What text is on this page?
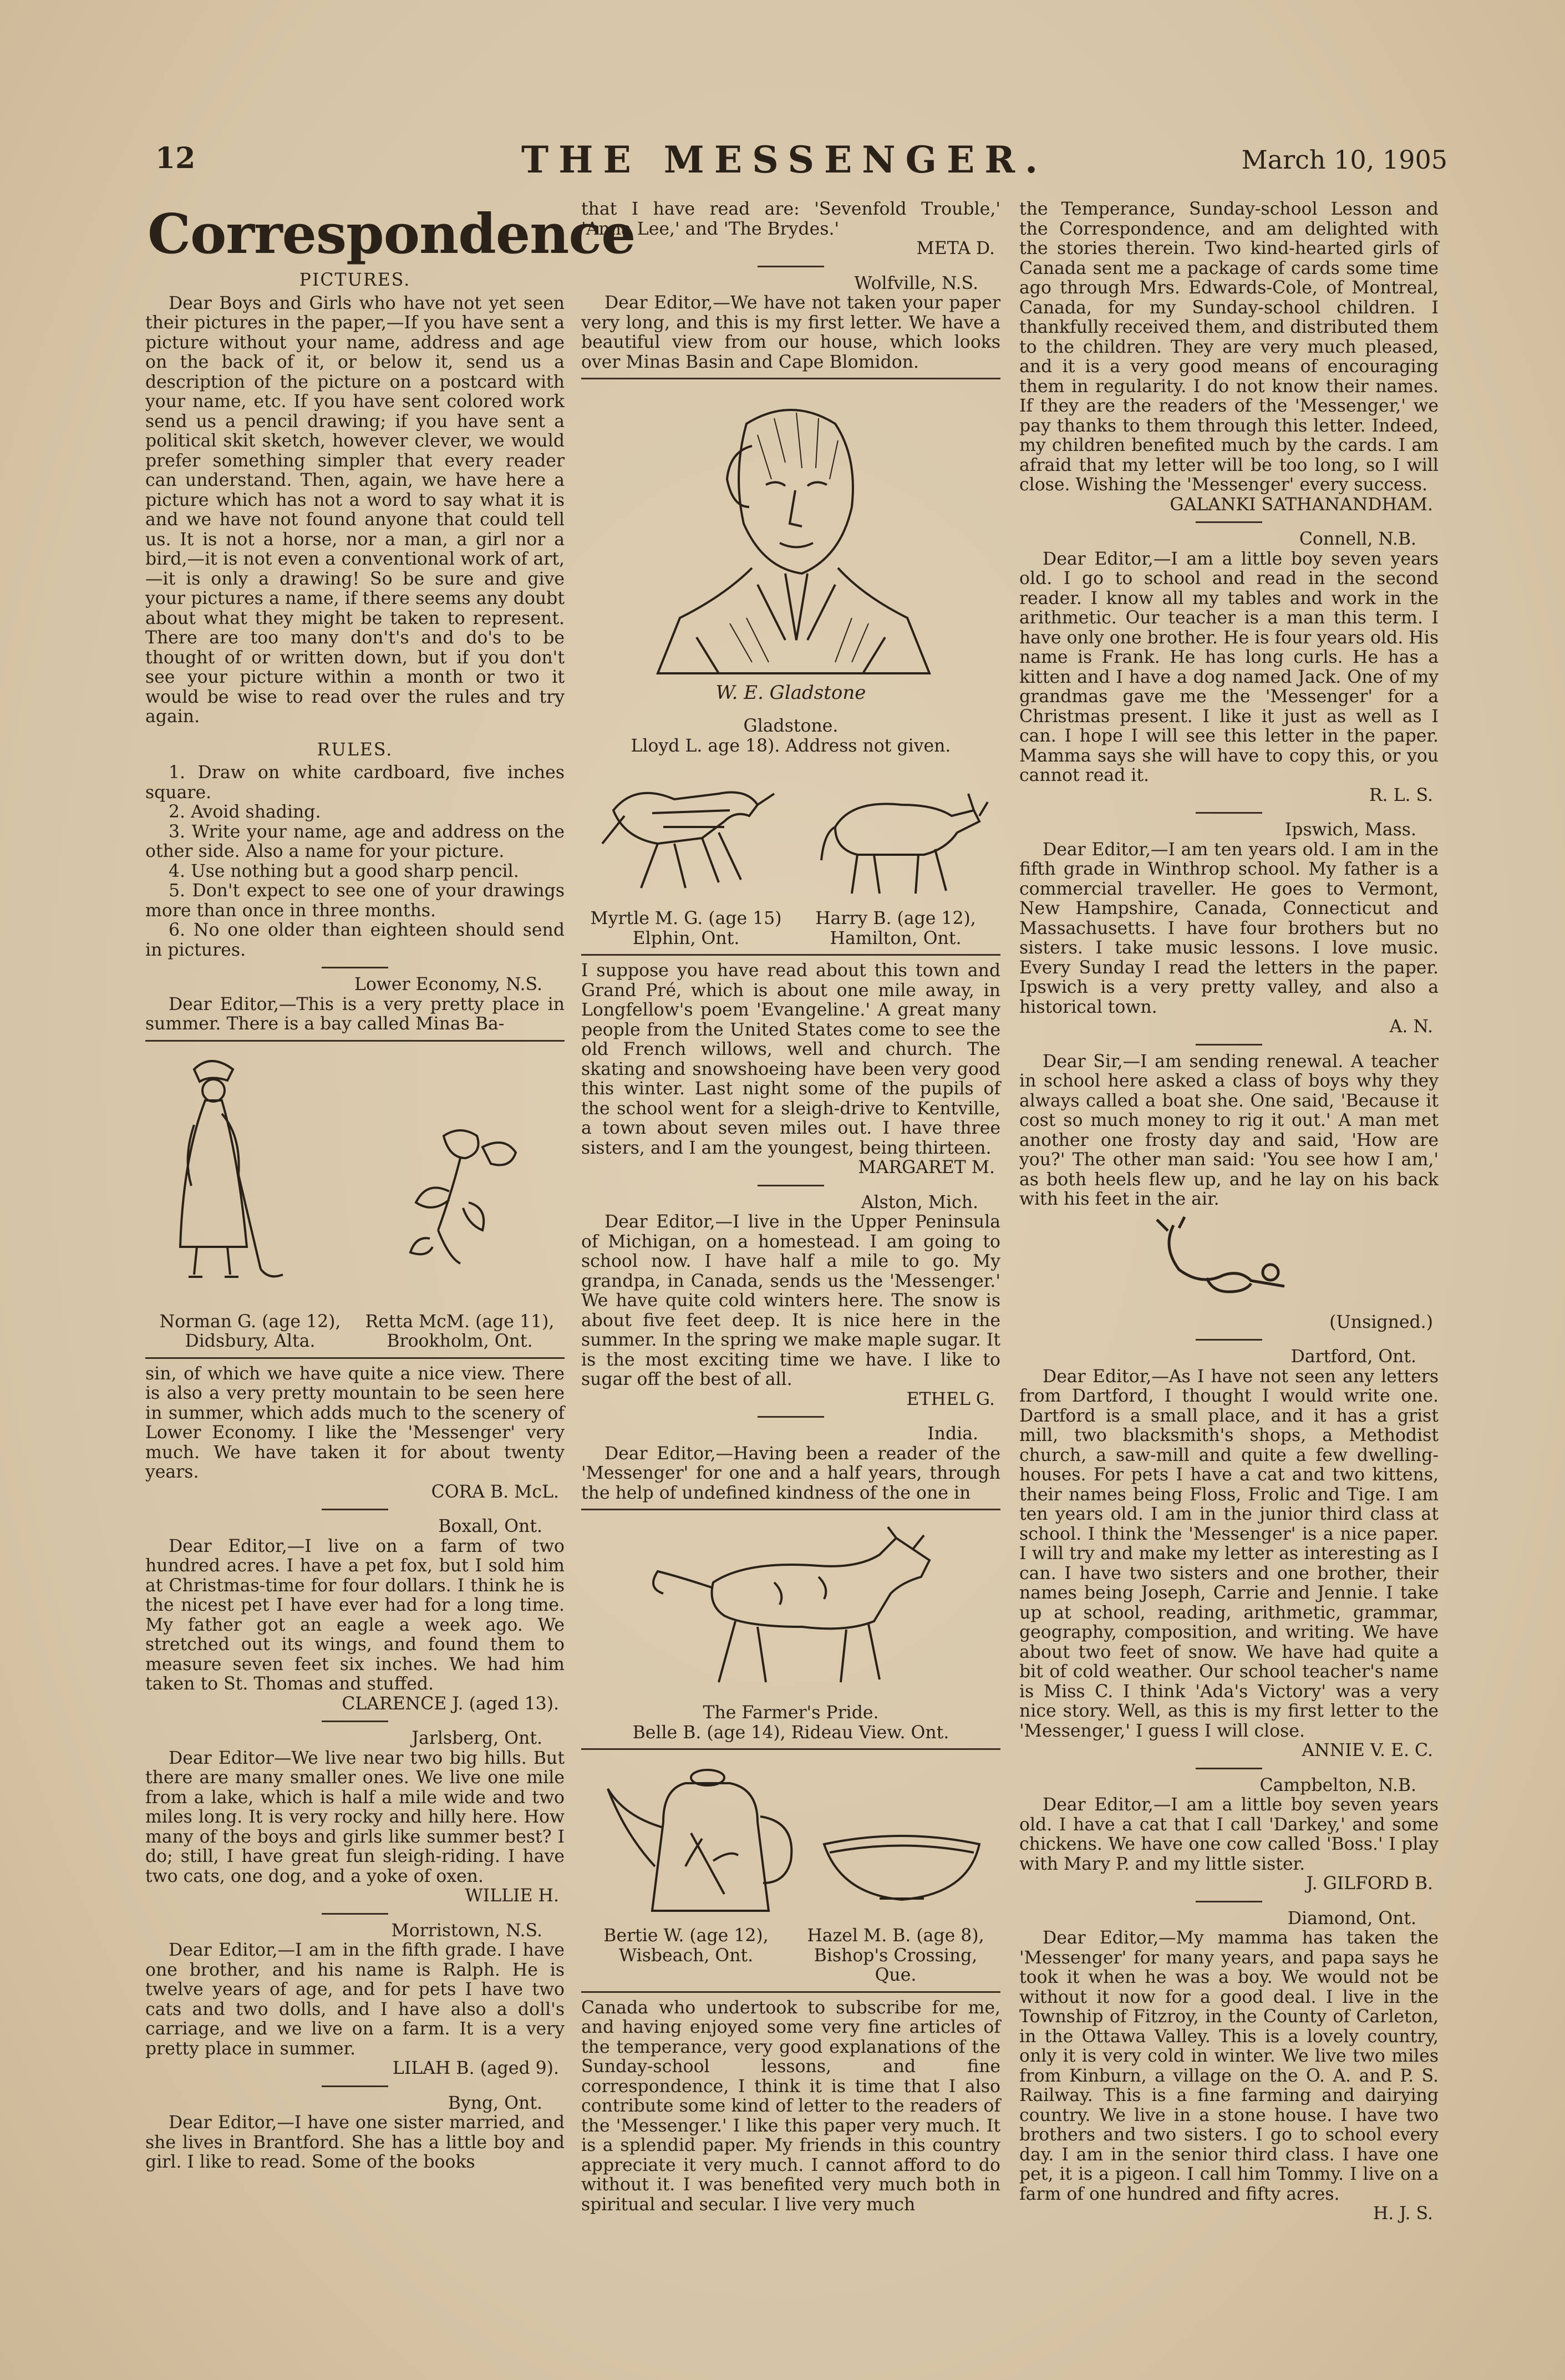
12	THE MESSENGER.	March 10, 1905
Correspondence
PICTURES.

Dear Boys and Girls who have not yet seen their pictures in the paper,—If you have sent a picture without your name, address and age on the back of it, or below it, send us a description of the picture on a postcard with your name, etc. If you have sent colored work send us a pencil drawing; if you have sent a political skit sketch, however clever, we would prefer something simpler that every reader can understand. Then, again, we have here a picture which has not a word to say what it is and we have not found anyone that could tell us. It is not a horse, nor a man, a girl nor a bird,—it is not even a conventional work of art,—it is only a drawing! So be sure and give your pictures a name, if there seems any doubt about what they might be taken to represent. There are too many don't's and do's to be thought of or written down, but if you don't see your picture within a month or two it would be wise to read over the rules and try again.

RULES.
1. Draw on white cardboard, five inches square.
2. Avoid shading.
3. Write your name, age and address on the other side. Also a name for your picture.
4. Use nothing but a good sharp pencil.
5. Don't expect to see one of your drawings more than once in three months.
6. No one older than eighteen should send in pictures.
Lower Economy, N.S.

Dear Editor,—This is a very pretty place in summer. There is a bay called Minas Ba-

Norman G. (age 12), Didsbury, Alta.
Retta McM. (age 11), Brookholm, Ont.

sin, of which we have quite a nice view. There is also a very pretty mountain to be seen here in summer, which adds much to the scenery of Lower Economy. I like the 'Messenger' very much. We have taken it for about twenty years.

CORA B. McL.
Boxall, Ont.

Dear Editor,—I live on a farm of two hundred acres. I have a pet fox, but I sold him at Christmas-time for four dollars. I think he is the nicest pet I have ever had for a long time. My father got an eagle a week ago. We stretched out its wings, and found them to measure seven feet six inches. We had him taken to St. Thomas and stuffed.

CLARENCE J. (aged 13).
Jarlsberg, Ont.

Dear Editor—We live near two big hills. But there are many smaller ones. We live one mile from a lake, which is half a mile wide and two miles long. It is very rocky and hilly here. How many of the boys and girls like summer best? I do; still, I have great fun sleigh-riding. I have two cats, one dog, and a yoke of oxen.

WILLIE H.
Morristown, N.S.

Dear Editor,—I am in the fifth grade. I have one brother, and his name is Ralph. He is twelve years of age, and for pets I have two cats and two dolls, and I have also a doll's carriage, and we live on a farm. It is a very pretty place in summer.

LILAH B. (aged 9).
Byng, Ont.

Dear Editor,—I have one sister married, and she lives in Brantford. She has a little boy and girl. I like to read. Some of the books

that I have read are: 'Sevenfold Trouble,' 'Anna Lee,' and 'The Brydes.'

META D.
Wolfville, N.S.

Dear Editor,—We have not taken your paper very long, and this is my first letter. We have a beautiful view from our house, which looks over Minas Basin and Cape Blomidon.

W. E. Gladstone
Gladstone.
Lloyd L. age 18). Address not given.
Myrtle M. G. (age 15) Elphin, Ont.
Harry B. (age 12), Hamilton, Ont.

I suppose you have read about this town and Grand Pré, which is about one mile away, in Longfellow's poem 'Evangeline.' A great many people from the United States come to see the old French willows, well and church. The skating and snowshoeing have been very good this winter. Last night some of the pupils of the school went for a sleigh-drive to Kentville, a town about seven miles out. I have three sisters, and I am the youngest, being thirteen.

MARGARET M.
Alston, Mich.

Dear Editor,—I live in the Upper Peninsula of Michigan, on a homestead. I am going to school now. I have half a mile to go. My grandpa, in Canada, sends us the 'Messenger.' We have quite cold winters here. The snow is about five feet deep. It is nice here in the summer. In the spring we make maple sugar. It is the most exciting time we have. I like to sugar off the best of all.

ETHEL G.
India.

Dear Editor,—Having been a reader of the 'Messenger' for one and a half years, through the help of undefined kindness of the one in

The Farmer's Pride.
Belle B. (age 14), Rideau View. Ont.
Bertie W. (age 12), Wisbeach, Ont.
Hazel M. B. (age 8), Bishop's Crossing, Que.

Canada who undertook to subscribe for me, and having enjoyed some very fine articles of the temperance, very good explanations of the Sunday-school lessons, and fine correspondence, I think it is time that I also contribute some kind of letter to the readers of the 'Messenger.' I like this paper very much. It is a splendid paper. My friends in this country appreciate it very much. I cannot afford to do without it. I was benefited very much both in spiritual and secular. I live very much

the Temperance, Sunday-school Lesson and the Correspondence, and am delighted with the stories therein. Two kind-hearted girls of Canada sent me a package of cards some time ago through Mrs. Edwards-Cole, of Montreal, Canada, for my Sunday-school children. I thankfully received them, and distributed them to the children. They are very much pleased, and it is a very good means of encouraging them in regularity. I do not know their names. If they are the readers of the 'Messenger,' we pay thanks to them through this letter. Indeed, my children benefited much by the cards. I am afraid that my letter will be too long, so I will close. Wishing the 'Messenger' every success.

GALANKI SATHANANDHAM.
Connell, N.B.

Dear Editor,—I am a little boy seven years old. I go to school and read in the second reader. I know all my tables and work in the arithmetic. Our teacher is a man this term. I have only one brother. He is four years old. His name is Frank. He has long curls. He has a kitten and I have a dog named Jack. One of my grandmas gave me the 'Messenger' for a Christmas present. I like it just as well as I can. I hope I will see this letter in the paper. Mamma says she will have to copy this, or you cannot read it.

R. L. S.
Ipswich, Mass.

Dear Editor,—I am ten years old. I am in the fifth grade in Winthrop school. My father is a commercial traveller. He goes to Vermont, New Hampshire, Canada, Connecticut and Massachusetts. I have four brothers but no sisters. I take music lessons. I love music. Every Sunday I read the letters in the paper. Ipswich is a very pretty valley, and also a historical town.

A. N.

Dear Sir,—I am sending renewal. A teacher in school here asked a class of boys why they always called a boat she. One said, 'Because it cost so much money to rig it out.' A man met another one frosty day and said, 'How are you?' The other man said: 'You see how I am,' as both heels flew up, and he lay on his back with his feet in the air.

(Unsigned.)
Dartford, Ont.

Dear Editor,—As I have not seen any letters from Dartford, I thought I would write one. Dartford is a small place, and it has a grist mill, two blacksmith's shops, a Methodist church, a saw-mill and quite a few dwelling-houses. For pets I have a cat and two kittens, their names being Floss, Frolic and Tige. I am ten years old. I am in the junior third class at school. I think the 'Messenger' is a nice paper. I will try and make my letter as interesting as I can. I have two sisters and one brother, their names being Joseph, Carrie and Jennie. I take up at school, reading, arithmetic, grammar, geography, composition, and writing. We have about two feet of snow. We have had quite a bit of cold weather. Our school teacher's name is Miss C. I think 'Ada's Victory' was a very nice story. Well, as this is my first letter to the 'Messenger,' I guess I will close.

ANNIE V. E. C.
Campbelton, N.B.

Dear Editor,—I am a little boy seven years old. I have a cat that I call 'Darkey,' and some chickens. We have one cow called 'Boss.' I play with Mary P. and my little sister.

J. GILFORD B.
Diamond, Ont.

Dear Editor,—My mamma has taken the 'Messenger' for many years, and papa says he took it when he was a boy. We would not be without it now for a good deal. I live in the Township of Fitzroy, in the County of Carleton, in the Ottawa Valley. This is a lovely country, only it is very cold in winter. We live two miles from Kinburn, a village on the O. A. and P. S. Railway. This is a fine farming and dairying country. We live in a stone house. I have two brothers and two sisters. I go to school every day. I am in the senior third class. I have one pet, it is a pigeon. I call him Tommy. I live on a farm of one hundred and fifty acres.

H. J. S.
